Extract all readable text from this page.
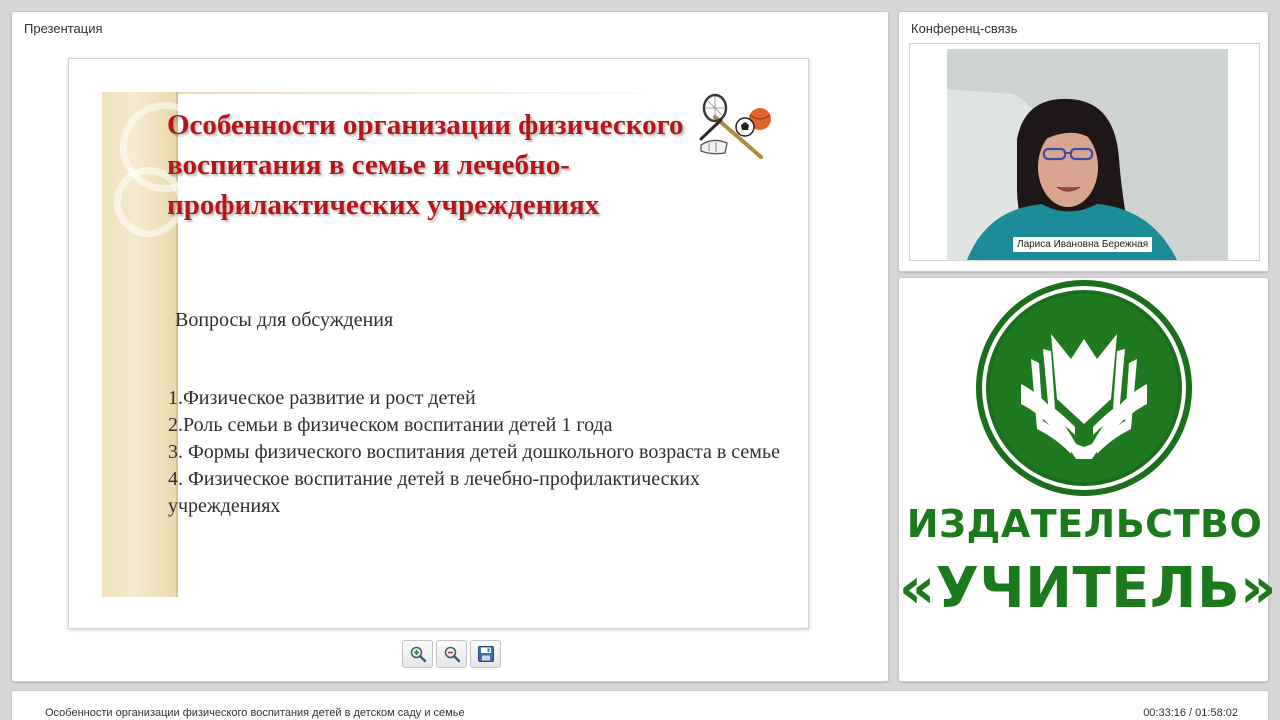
Презентация
Особенности организации физического воспитания в семье и лечебно-профилактических учреждениях
Вопросы для обсуждения
1.Физическое развитие и рост детей
2.Роль семьи в физическом воспитании детей 1 года
3. Формы физического воспитания детей дошкольного возраста в семье
4. Физическое воспитание детей в лечебно-профилактических учреждениях
Конференц-связь
Лариса Ивановна Бережная
ИЗДАТЕЛЬСТВО
«УЧИТЕЛЬ»
Особенности организации физического воспитания детей в детском саду и семье	00:33:16 / 01:58:02
